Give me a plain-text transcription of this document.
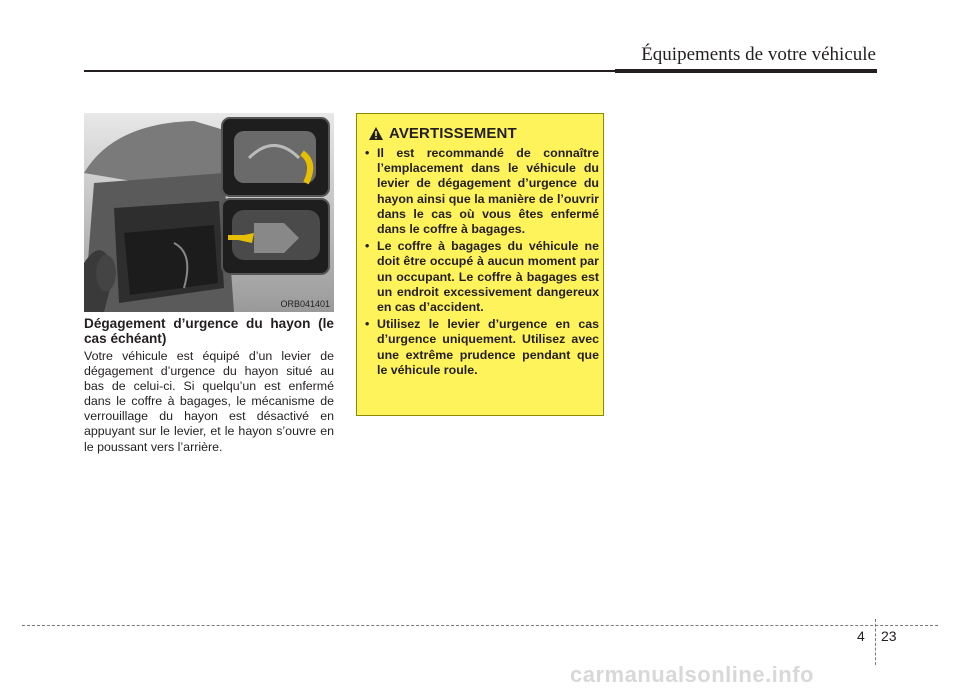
Équipements de votre véhicule
ORB041401
Dégagement d’urgence du hayon (le cas échéant)
Votre véhicule est équipé d’un levier de dégagement d’urgence du hayon situé au bas de celui-ci. Si quelqu’un est enfermé dans le coffre à bagages, le mécanisme de verrouillage du hayon est désactivé en appuyant sur le levier, et le hayon s’ouvre en le poussant vers l’arrière.
AVERTISSEMENT
• Il est recommandé de connaître l’emplacement dans le véhicule du levier de dégagement d’urgence du hayon ainsi que la manière de l’ouvrir dans le cas où vous êtes enfermé dans le coffre à bagages.
• Le coffre à bagages du véhicule ne doit être occupé à aucun moment par un occupant. Le coffre à bagages est un endroit excessivement dangereux en cas d’accident.
• Utilisez le levier d’urgence en cas d’urgence uniquement. Utilisez avec une extrême prudence pendant que le véhicule roule.
4 23
carmanualsonline.info
